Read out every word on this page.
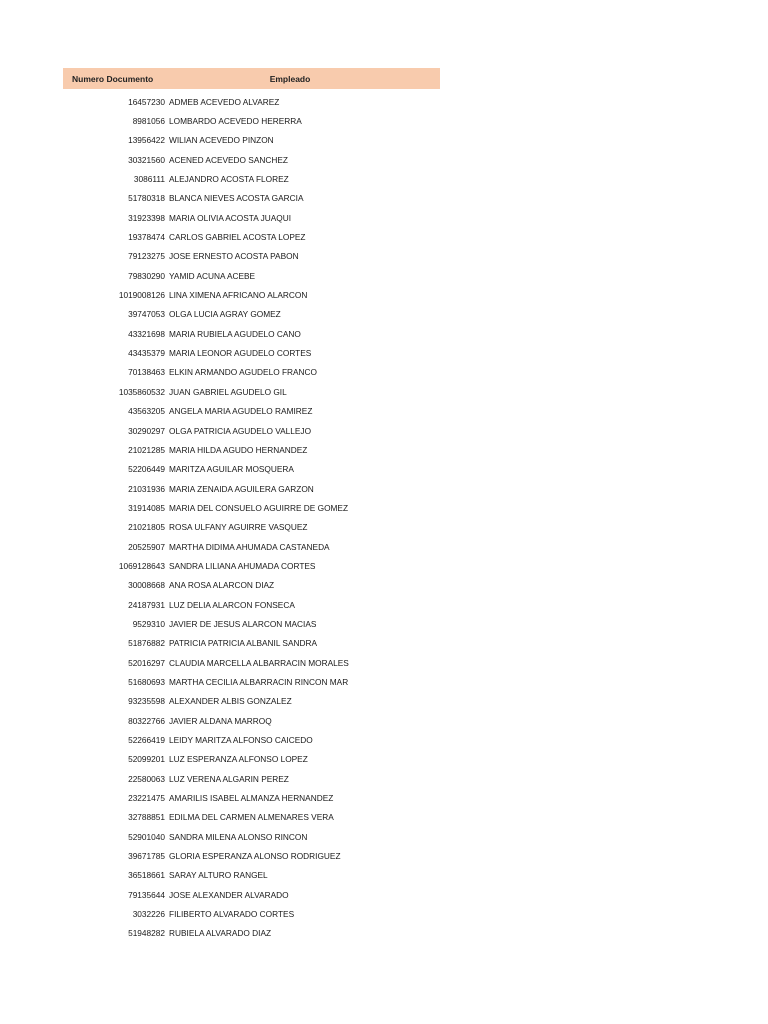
Numero Documento	Empleado
16457230 ADMEB ACEVEDO ALVAREZ
8981056 LOMBARDO ACEVEDO HERERRA
13956422 WILIAN ACEVEDO PINZON
30321560 ACENED ACEVEDO SANCHEZ
3086111 ALEJANDRO ACOSTA FLOREZ
51780318 BLANCA NIEVES ACOSTA GARCIA
31923398 MARIA OLIVIA ACOSTA JUAQUI
19378474 CARLOS GABRIEL ACOSTA LOPEZ
79123275 JOSE ERNESTO ACOSTA PABON
79830290 YAMID ACUNA ACEBE
1019008126 LINA XIMENA AFRICANO ALARCON
39747053 OLGA LUCIA AGRAY GOMEZ
43321698 MARIA RUBIELA AGUDELO CANO
43435379 MARIA LEONOR AGUDELO CORTES
70138463 ELKIN ARMANDO AGUDELO FRANCO
1035860532 JUAN GABRIEL AGUDELO GIL
43563205 ANGELA MARIA AGUDELO RAMIREZ
30290297 OLGA PATRICIA AGUDELO VALLEJO
21021285 MARIA HILDA AGUDO HERNANDEZ
52206449 MARITZA AGUILAR MOSQUERA
21031936 MARIA ZENAIDA AGUILERA GARZON
31914085 MARIA DEL CONSUELO AGUIRRE DE GOMEZ
21021805 ROSA ULFANY AGUIRRE VASQUEZ
20525907 MARTHA DIDIMA AHUMADA CASTANEDA
1069128643 SANDRA LILIANA AHUMADA CORTES
30008668 ANA ROSA ALARCON DIAZ
24187931 LUZ DELIA ALARCON FONSECA
9529310 JAVIER DE JESUS ALARCON MACIAS
51876882 PATRICIA PATRICIA ALBANIL SANDRA
52016297 CLAUDIA MARCELLA ALBARRACIN MORALES
51680693 MARTHA CECILIA ALBARRACIN RINCON MAR
93235598 ALEXANDER ALBIS GONZALEZ
80322766 JAVIER ALDANA MARROQ
52266419 LEIDY MARITZA ALFONSO CAICEDO
52099201 LUZ ESPERANZA ALFONSO LOPEZ
22580063 LUZ VERENA ALGARIN PEREZ
23221475 AMARILIS ISABEL ALMANZA HERNANDEZ
32788851 EDILMA DEL CARMEN ALMENARES VERA
52901040 SANDRA MILENA ALONSO RINCON
39671785 GLORIA ESPERANZA ALONSO RODRIGUEZ
36518661 SARAY ALTURO RANGEL
79135644 JOSE ALEXANDER ALVARADO
3032226 FILIBERTO ALVARADO CORTES
51948282 RUBIELA ALVARADO DIAZ
